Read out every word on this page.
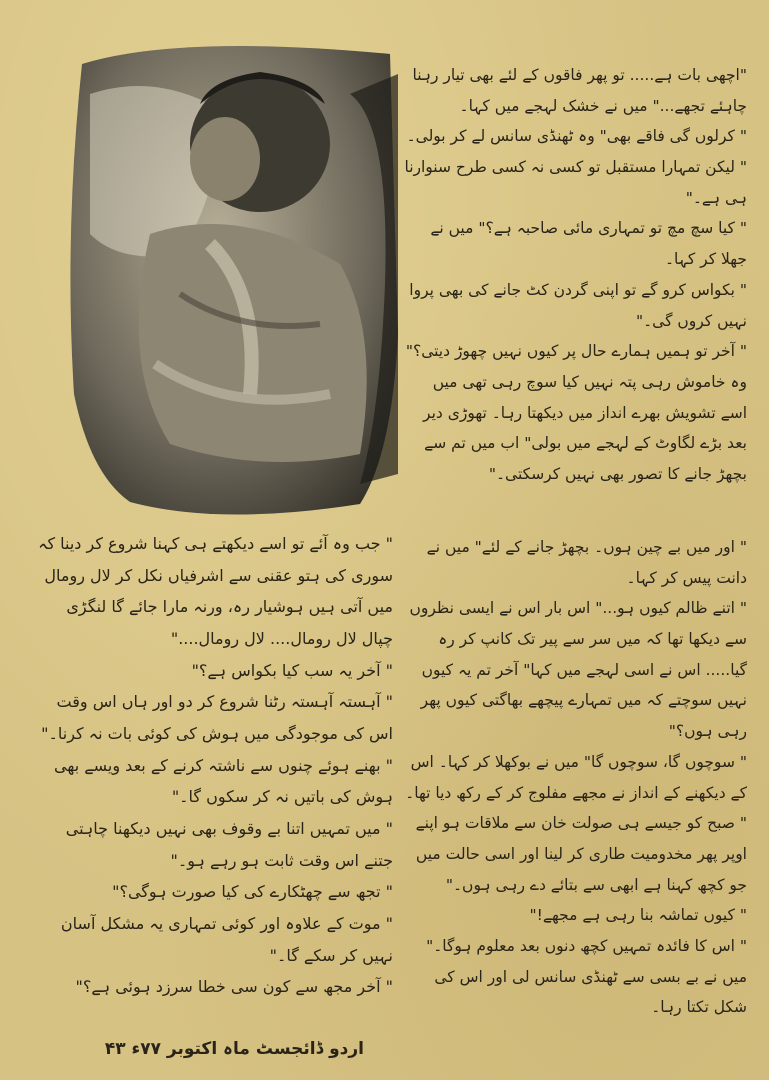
"اچھی بات ہے..... تو پھر فاقوں کے لئے بھی تیار رہنا چاہئے تجھے..." میں نے خشک لہجے میں کہا۔

" کرلوں گی فاقے بھی" وہ ٹھنڈی سانس لے کر بولی۔

" لیکن تمہارا مستقبل تو کسی نہ کسی طرح سنوارنا ہی ہے۔"

" کیا سچ مچ تو تمہاری مائی صاحبہ ہے؟" میں نے جھلا کر کہا۔

" بکواس کرو گے تو اپنی گردن کٹ جانے کی بھی پروا نہیں کروں گی۔"

" آخر تو ہمیں ہمارے حال پر کیوں نہیں چھوڑ دیتی؟"

وہ خاموش رہی پتہ نہیں کیا سوچ رہی تھی میں اسے تشویش بھرے انداز میں دیکھتا رہا۔ تھوڑی دیر بعد بڑے لگاوٹ کے لہجے میں بولی" اب میں تم سے بچھڑ جانے کا تصور بھی نہیں کرسکتی۔"

" اور میں بے چین ہوں۔ بچھڑ جانے کے لئے" میں نے دانت پیس کر کہا۔

" اتنے ظالم کیوں ہو..." اس بار اس نے ایسی نظروں سے دیکھا تھا کہ میں سر سے پیر تک کانپ کر رہ گیا..... اس نے اسی لہجے میں کہا" آخر تم یہ کیوں نہیں سوچتے کہ میں تمہارے پیچھے بھاگتی کیوں پھر رہی ہوں؟"

" سوچوں گا، سوچوں گا" میں نے بوکھلا کر کہا۔ اس کے دیکھنے کے انداز نے مجھے مفلوج کر کے رکھ دیا تھا۔

" صبح کو جیسے ہی صولت خان سے ملاقات ہو اپنے اوپر پھر مخدومیت طاری کر لینا اور اسی حالت میں جو کچھ کہنا ہے ابھی سے بتائے دے رہی ہوں۔"

" کیوں تماشہ بنا رہی ہے مجھے!"

" اس کا فائدہ تمہیں کچھ دنوں بعد معلوم ہوگا۔"

میں نے بے بسی سے ٹھنڈی سانس لی اور اس کی شکل تکتا رہا۔

" جب وہ آئے تو اسے دیکھتے ہی کہنا شروع کر دینا کہ سوری کی ہتو عقنی سے اشرفیاں نکل کر لال رومال میں آتی ہیں ہوشیار رہ، ورنہ مارا جائے گا لنگڑی چپال لال رومال.... لال رومال...."

" آخر یہ سب کیا بکواس ہے؟"

" آہستہ آہستہ رٹنا شروع کر دو اور ہاں اس وقت اس کی موجودگی میں ہوش کی کوئی بات نہ کرنا۔"

" بھنے ہوئے چنوں سے ناشتہ کرنے کے بعد ویسے بھی ہوش کی باتیں نہ کر سکوں گا۔"

" میں تمہیں اتنا بے وقوف بھی نہیں دیکھنا چاہتی جتنے اس وقت ثابت ہو رہے ہو۔"

" تجھ سے چھٹکارے کی کیا صورت ہوگی؟"

" موت کے علاوہ اور کوئی تمہاری یہ مشکل آسان نہیں کر سکے گا۔"

" آخر مجھ سے کون سی خطا سرزد ہوئی ہے؟"

اردو ڈائجسٹ ماہ اکتوبر ۷۷ء ۴۳
